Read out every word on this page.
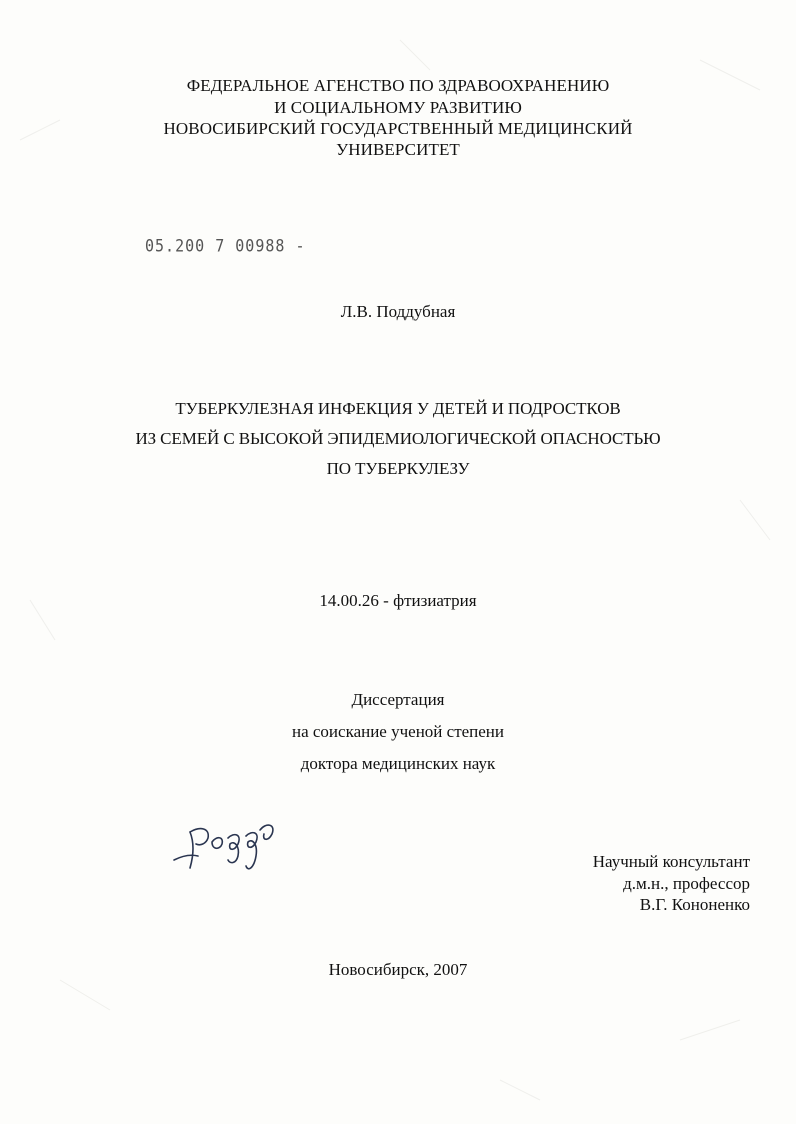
ФЕДЕРАЛЬНОЕ АГЕНСТВО ПО ЗДРАВООХРАНЕНИЮ
И СОЦИАЛЬНОМУ РАЗВИТИЮ
НОВОСИБИРСКИЙ ГОСУДАРСТВЕННЫЙ МЕДИЦИНСКИЙ
УНИВЕРСИТЕТ
05.200 7 00988 -
Л.В. Поддубная
ТУБЕРКУЛЕЗНАЯ ИНФЕКЦИЯ У ДЕТЕЙ И ПОДРОСТКОВ
ИЗ СЕМЕЙ С ВЫСОКОЙ ЭПИДЕМИОЛОГИЧЕСКОЙ ОПАСНОСТЬЮ
ПО ТУБЕРКУЛЕЗУ
14.00.26 - фтизиатрия
Диссертация
на соискание ученой степени
доктора медицинских наук
Научный консультант
д.м.н., профессор
В.Г. Кононенко
Новосибирск, 2007
